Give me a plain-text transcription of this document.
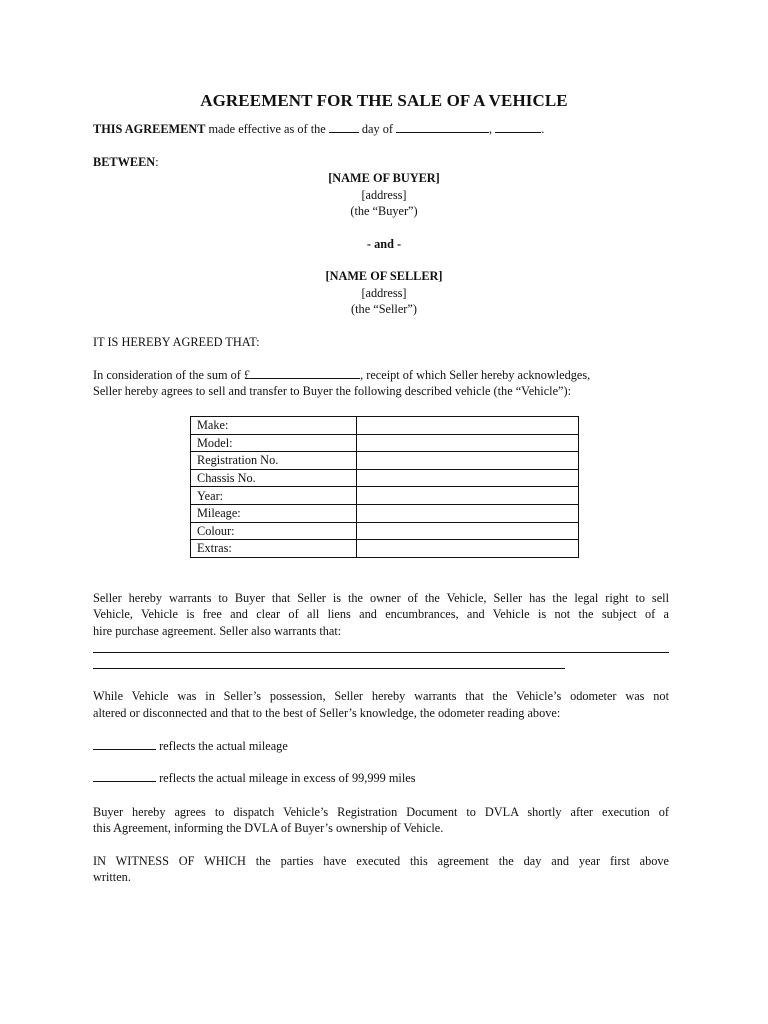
AGREEMENT FOR THE SALE OF A VEHICLE
THIS AGREEMENT made effective as of the  day of	,	.
BETWEEN:
[NAME OF BUYER]
[address]
(the “Buyer”)
- and -
[NAME OF SELLER]
[address]
(the “Seller”)
IT IS HEREBY AGREED THAT:
In consideration of the sum of £	, receipt of which Seller hereby acknowledges,
Seller hereby agrees to sell and transfer to Buyer the following described vehicle (the “Vehicle”):
Make:	
Model:	
Registration No.	
Chassis No.	
Year:	
Mileage:	
Colour:	
Extras:	
Seller hereby warrants to Buyer that Seller is the owner of the Vehicle, Seller has the legal right to sell
Vehicle, Vehicle is free and clear of all liens and encumbrances, and Vehicle is not the subject of a
hire purchase agreement. Seller also warrants that:
While Vehicle was in Seller’s possession, Seller hereby warrants that the Vehicle’s odometer was not
altered or disconnected and that to the best of Seller’s knowledge, the odometer reading above:
reflects the actual mileage
reflects the actual mileage in excess of 99,999 miles
Buyer hereby agrees to dispatch Vehicle’s Registration Document to DVLA shortly after execution of
this Agreement, informing the DVLA of Buyer’s ownership of Vehicle.
IN WITNESS OF WHICH the parties have executed this agreement the day and year first above
written.
